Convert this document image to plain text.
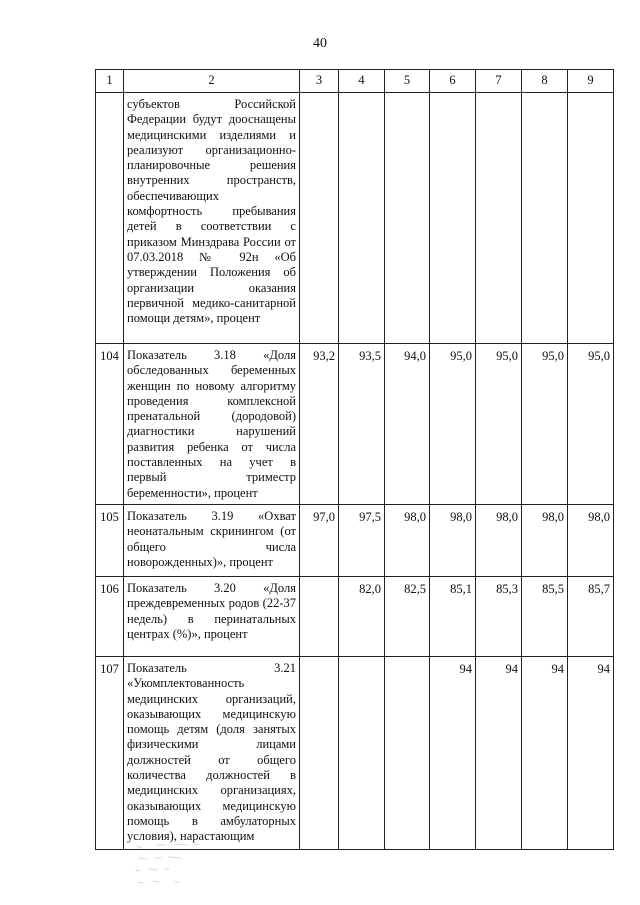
40
1	2	3	4	5	6	7	8	9
	субъектов Российской Федерации будут дооснащены медицинскими изделиями и реализуют организационно-планировочные решения внутренних пространств, обеспечивающих комфортность пребывания детей в соответствии с приказом Минздрава России от 07.03.2018 № 92н «Об утверждении Положения об организации оказания первичной медико-санитарной помощи детям», процент							
104	Показатель 3.18 «Доля обследованных беременных женщин по новому алгоритму проведения комплексной пренатальной (дородовой) диагностики нарушений развития ребенка от числа поставленных на учет в первый триместр беременности», процент	93,2	93,5	94,0	95,0	95,0	95,0	95,0
105	Показатель 3.19 «Охват неонатальным скринингом (от общего числа новорожденных)», процент	97,0	97,5	98,0	98,0	98,0	98,0	98,0
106	Показатель 3.20 «Доля преждевременных родов (22-37 недель) в перинатальных центрах (%)», процент		82,0	82,5	85,1	85,3	85,5	85,7
107	Показатель 3.21 «Укомплектованность медицинских организаций, оказывающих медицинскую помощь детям (доля занятых физическими лицами должностей от общего количества должностей в медицинских организациях, оказывающих медицинскую помощь в амбулаторных условия), нарастающим				94	94	94	94
